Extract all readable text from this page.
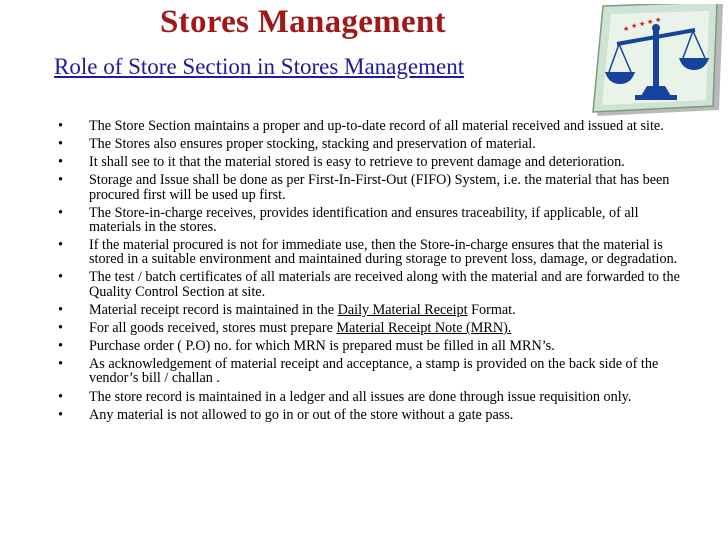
Stores Management
Role of Store Section in Stores Management
★ ★ ★ ★ ★
• The Store Section maintains a proper and up-to-date record of all material received and issued at site.
• The Stores also ensures proper stocking, stacking and preservation of material.
• It shall see to it that the material stored is easy to retrieve to prevent damage and deterioration.
• Storage and Issue shall be done as per First-In-First-Out (FIFO) System, i.e. the material that has been procured first will be used up first.
• The Store-in-charge receives, provides identification and ensures traceability, if applicable, of all materials in the stores.
• If the material procured is not for immediate use, then the Store-in-charge ensures that the material is stored in a suitable environment and maintained during storage to prevent loss, damage, or degradation.
• The test / batch certificates of all materials are received along with the material and are forwarded to the Quality Control Section at site.
• Material receipt record is maintained in the Daily Material Receipt Format.
• For all goods received, stores must prepare Material Receipt Note (MRN).
• Purchase order ( P.O) no. for which MRN is prepared must be filled in all MRN’s.
• As acknowledgement of material receipt and acceptance, a stamp is provided on the back side of the vendor’s bill / challan .
• The store record is maintained in a ledger and all issues are done through issue requisition only.
• Any material is not allowed to go in or out of the store without a gate pass.
